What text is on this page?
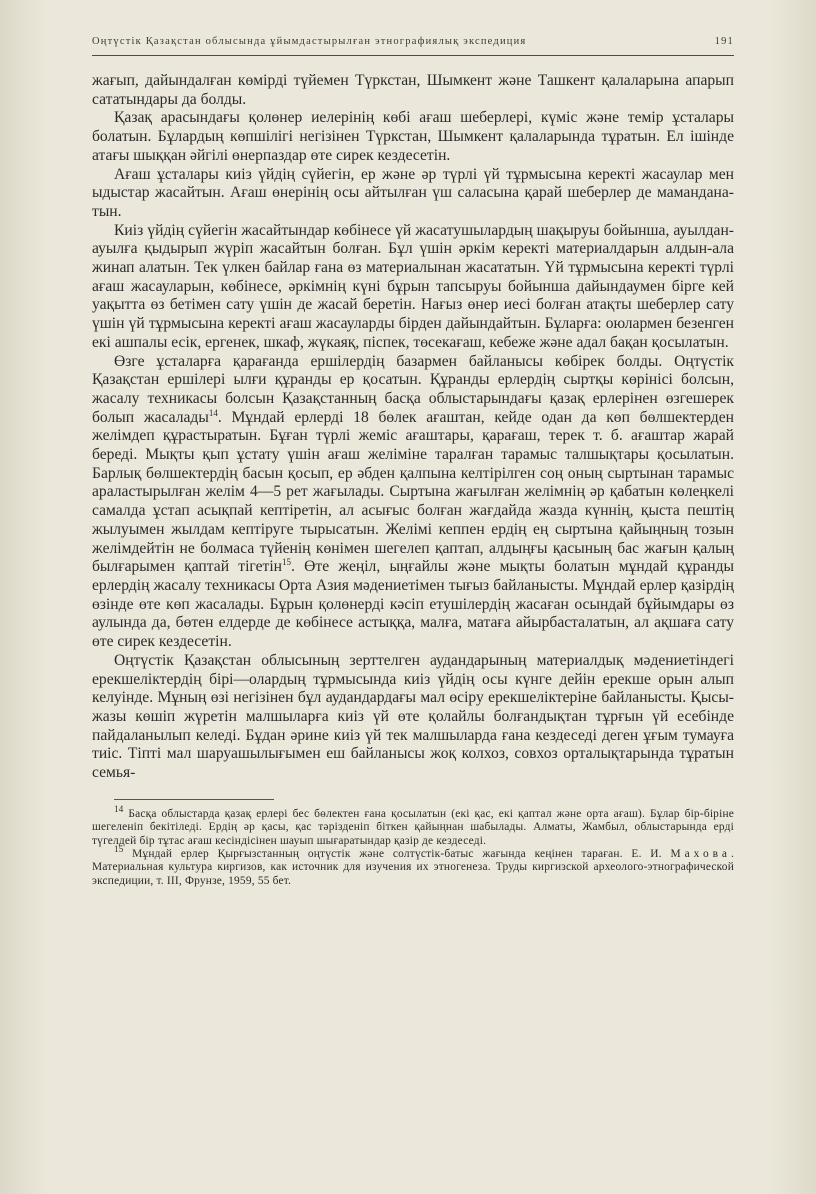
Оңтүстік Қазақстан облысында ұйымдастырылған этнографиялық экспедиция	191

жағып, дайындалған көмірді түйемен Түркстан, Шымкент және Ташкент қалаларына апарып сататындары да болды.

Қазақ арасындағы қолөнер иелерінің көбі ағаш шеберлері, күміс және темір ұсталары болатын. Бұлардың көпшілігі негізінен Түркстан, Шымкент қалаларында тұратын. Ел ішінде атағы шыққан әйгілі өнерпаздар өте сирек кездесетін.

Ағаш ұсталары киіз үйдің сүйегін, ер және әр түрлі үй тұрмысына керекті жасаулар мен ыдыстар жасайтын. Ағаш өнерінің осы айтылған үш саласына қарай шеберлер де маманданатын.

Киіз үйдің сүйегін жасайтындар көбінесе үй жасатушылардың шақыруы бойынша, ауылдан-ауылға қыдырып жүріп жасайтын болған. Бұл үшін әркім керекті материалдарын алдын-ала жинап алатын. Тек үлкен байлар ғана өз материалынан жасататын. Үй тұрмысына керекті түрлі ағаш жасауларын, көбінесе, әркімнің күні бұрын тапсыруы бойынша дайындаумен бірге кей уақытта өз бетімен сату үшін де жасай беретін. Нағыз өнер иесі болған атақты шеберлер сату үшін үй тұрмысына керекті ағаш жасауларды бірден дайындайтын. Бұларға: оюлармен безенген екі ашпалы есік, ергенек, шкаф, жүкаяқ, піспек, төсекағаш, кебеже және адал бақан қосылатын.

Өзге ұсталарға қарағанда ершілердің базармен байланысы көбірек болды. Оңтүстік Қазақстан ершілері ылғи құранды ер қосатын. Құранды ерлердің сыртқы көрінісі болсын, жасалу техникасы болсын Қазақстанның басқа облыстарындағы қазақ ерлерінен өзгешерек болып жасалады$^{14}$. Мұндай ерлерді 18 бөлек ағаштан, кейде одан да көп бөлшектерден желімдеп құрастыратын. Бұған түрлі жеміс ағаштары, қарағаш, терек т. б. ағаштар жарай береді. Мықты қып ұстату үшін ағаш желіміне таралған тарамыс талшықтары қосылатын. Барлық бөлшектердің басын қосып, ер әбден қалпына келтірілген соң оның сыртынан тарамыс араластырылған желім 4—5 рет жағылады. Сыртына жағылған желімнің әр қабатын көлеңкелі самалда ұстап асықпай кептіретін, ал асығыс болған жағдайда жазда күннің, қыста пештің жылуымен жылдам кептіруге тырысатын. Желімі кеппен ердің ең сыртына қайыңның тозын желімдейтін не болмаса түйенің көнімен шегелеп қаптап, алдыңғы қасының бас жағын қалың былғарымен қаптай тігетін$^{15}$. Өте жеңіл, ыңғайлы және мықты болатын мұндай құранды ерлердің жасалу техникасы Орта Азия мәдениетімен тығыз байланысты. Мұндай ерлер қазірдің өзінде өте көп жасалады. Бұрын қолөнерді кәсіп етушілердің жасаған осындай бұйымдары өз аулында да, бөтен елдерде де көбінесе астыққа, малға, матаға айырбасталатын, ал ақшаға сату өте сирек кездесетін.

Оңтүстік Қазақстан облысының зерттелген аудандарының материалдық мәдениетіндегі ерекшеліктердің бірі—олардың тұрмысында киіз үйдің осы күнге дейін ерекше орын алып келуінде. Мұның өзі негізінен бұл аудандардағы мал өсіру ерекшеліктеріне байланысты. Қысы-жазы көшіп жүретін малшыларға киіз үй өте қолайлы болғандықтан тұрғын үй есебінде пайдаланылып келеді. Бұдан әрине киіз үй тек малшыларда ғана кездеседі деген ұғым тумауға тиіс. Тіпті мал шаруашылығымен еш байланысы жоқ колхоз, совхоз орталықтарында тұратын семья-

$^{14}$ Басқа облыстарда қазақ ерлері бес бөлектен ғана қосылатын (екі қас, екі қаптал және орта ағаш). Бұлар бір-біріне шегеленіп бекітіледі. Ердің әр қасы, қас тәрізденіп біткен қайыңнан шабылады. Алматы, Жамбыл, облыстарында ерді түгелдей бір тұтас ағаш кесіндісінен шауып шығаратындар қазір де кездеседі.

$^{15}$ Мұндай ерлер Қырғызстанның оңтүстік және солтүстік-батыс жағында кеңінен тараған. Е. И. Махова. Материальная культура киргизов, как источник для изучения их этногенеза. Труды киргизской археолого-этнографической экспедиции, т. III, Фрунзе, 1959, 55 бет.
